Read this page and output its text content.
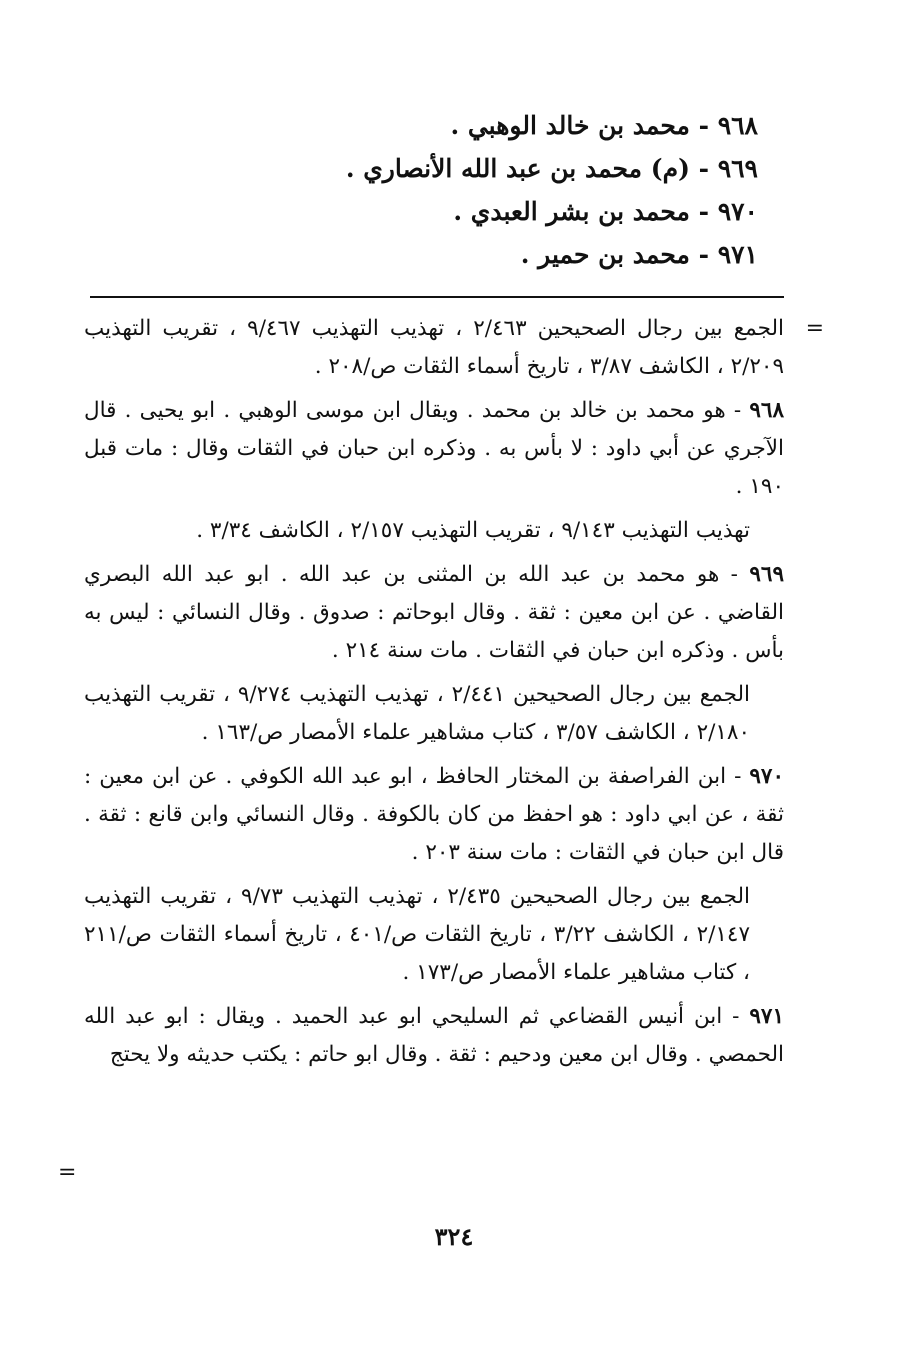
٩٦٨ - محمد بن خالد الوهبي .
٩٦٩ - (م) محمد بن عبد الله الأنصاري .
٩٧٠ - محمد بن بشر العبدي .
٩٧١ - محمد بن حمير .

=
الجمع بين رجال الصحيحين ٢/٤٦٣ ، تهذيب التهذيب ٩/٤٦٧ ، تقريب التهذيب ٢/٢٠٩ ، الكاشف ٣/٨٧ ، تاريخ أسماء الثقات ص/٢٠٨ .

٩٦٨ - هو محمد بن خالد بن محمد . ويقال ابن موسى الوهبي . ابو يحيى . قال الآجري عن أبي داود : لا بأس به . وذكره ابن حبان في الثقات وقال : مات قبل ١٩٠ .

تهذيب التهذيب ٩/١٤٣ ، تقريب التهذيب ٢/١٥٧ ، الكاشف ٣/٣٤ .

٩٦٩ - هو محمد بن عبد الله بن المثنى بن عبد الله . ابو عبد الله البصري القاضي . عن ابن معين : ثقة . وقال ابوحاتم : صدوق . وقال النسائي : ليس به بأس . وذكره ابن حبان في الثقات . مات سنة ٢١٤ .

الجمع بين رجال الصحيحين ٢/٤٤١ ، تهذيب التهذيب ٩/٢٧٤ ، تقريب التهذيب ٢/١٨٠ ، الكاشف ٣/٥٧ ، كتاب مشاهير علماء الأمصار ص/١٦٣ .

٩٧٠ - ابن الفراصفة بن المختار الحافظ ، ابو عبد الله الكوفي . عن ابن معين : ثقة ، عن ابي داود : هو احفظ من كان بالكوفة . وقال النسائي وابن قانع : ثقة . قال ابن حبان في الثقات : مات سنة ٢٠٣ .

الجمع بين رجال الصحيحين ٢/٤٣٥ ، تهذيب التهذيب ٩/٧٣ ، تقريب التهذيب ٢/١٤٧ ، الكاشف ٣/٢٢ ، تاريخ الثقات ص/٤٠١ ، تاريخ أسماء الثقات ص/٢١١ ، كتاب مشاهير علماء الأمصار ص/١٧٣ .

٩٧١ - ابن أنيس القضاعي ثم السليحي ابو عبد الحميد . ويقال : ابو عبد الله الحمصي . وقال ابن معين ودحيم : ثقة . وقال ابو حاتم : يكتب حديثه ولا يحتج

=
٣٢٤
